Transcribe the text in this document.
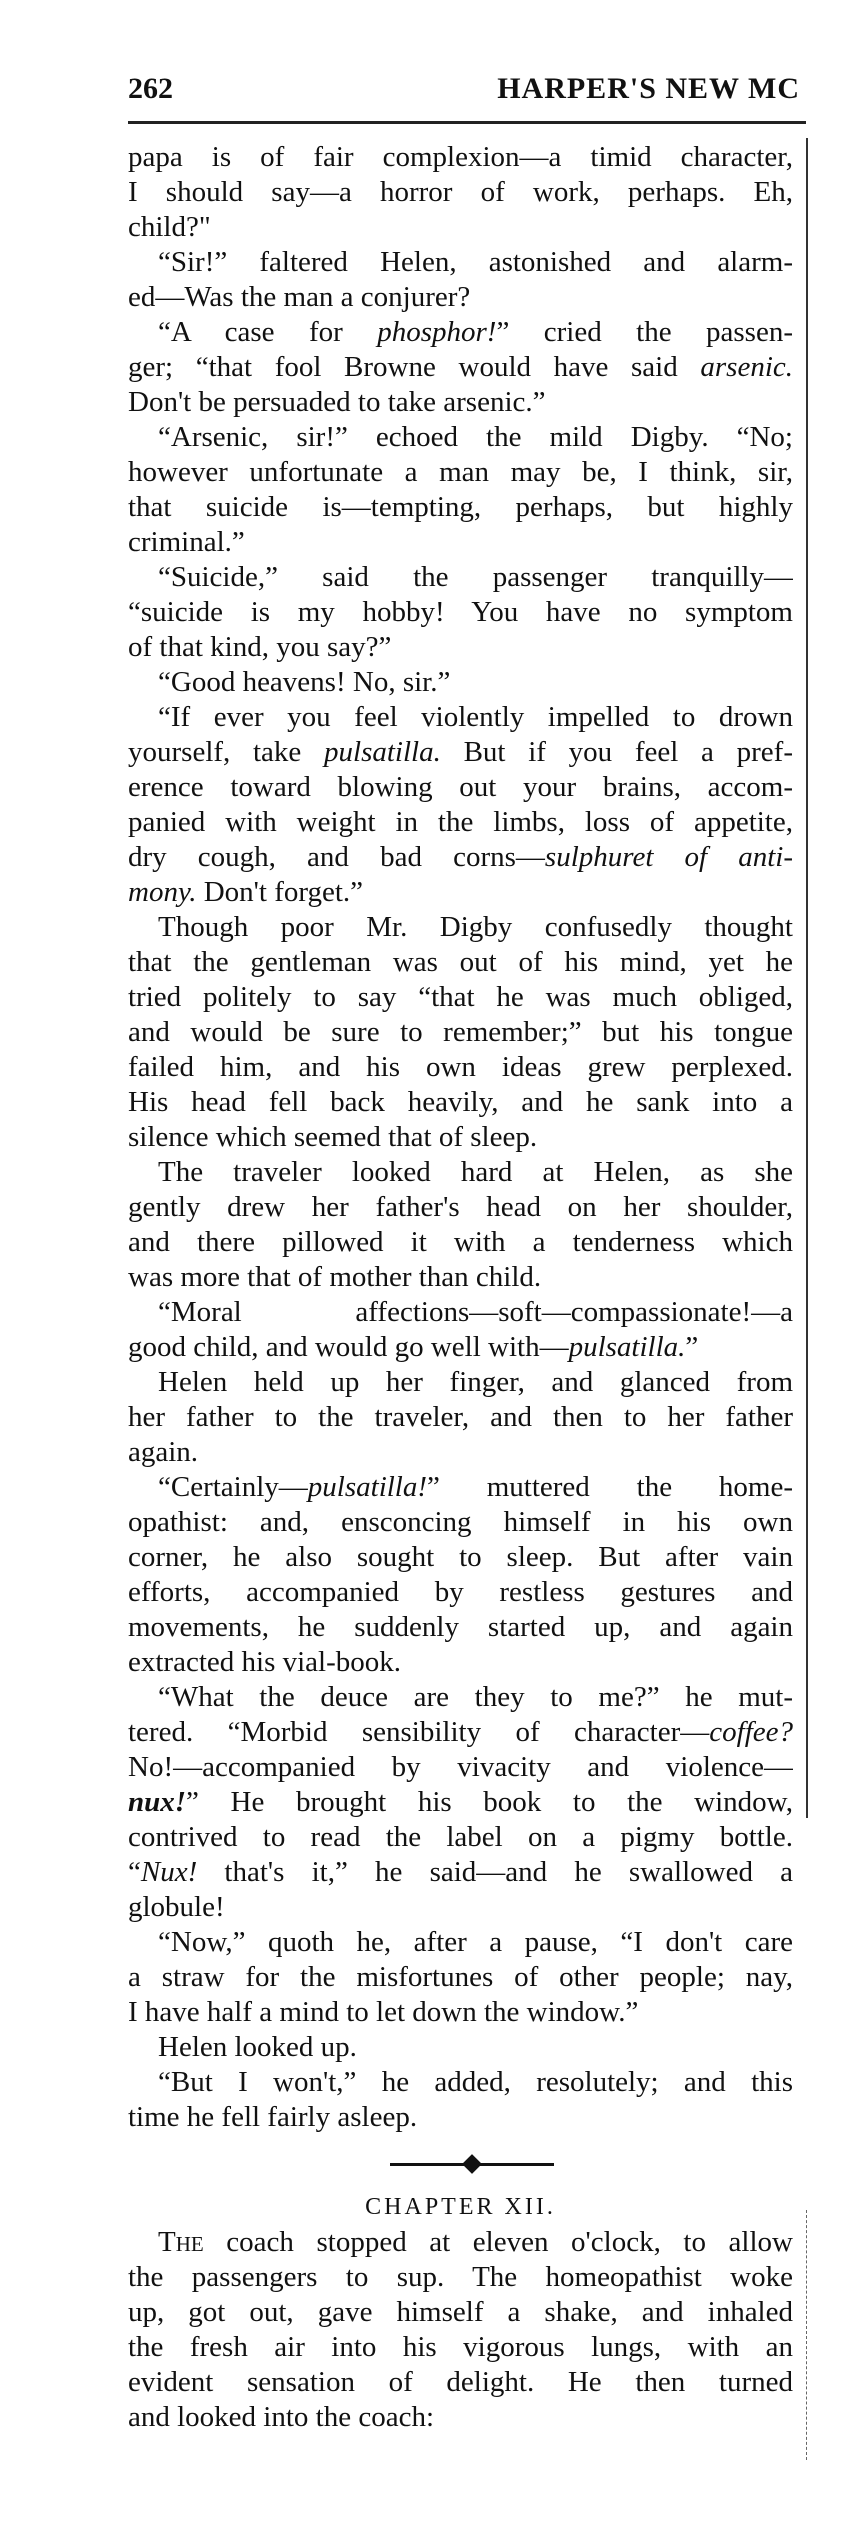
262	HARPER'S NEW MC
papa is of fair complexion—a timid character,
I should say—a horror of work, perhaps. Eh,
child?"
“Sir!” faltered Helen, astonished and alarm-
ed—Was the man a conjurer?
“A case for phosphor!” cried the passen-
ger; “that fool Browne would have said arsenic.
Don't be persuaded to take arsenic.”
“Arsenic, sir!” echoed the mild Digby. “No;
however unfortunate a man may be, I think, sir,
that suicide is—tempting, perhaps, but highly
criminal.”
“Suicide,” said the passenger tranquilly—
“suicide is my hobby! You have no symptom
of that kind, you say?”
“Good heavens! No, sir.”
“If ever you feel violently impelled to drown
yourself, take pulsatilla. But if you feel a pref-
erence toward blowing out your brains, accom-
panied with weight in the limbs, loss of appetite,
dry cough, and bad corns—sulphuret of anti-
mony. Don't forget.”
Though poor Mr. Digby confusedly thought
that the gentleman was out of his mind, yet he
tried politely to say “that he was much obliged,
and would be sure to remember;” but his tongue
failed him, and his own ideas grew perplexed.
His head fell back heavily, and he sank into a
silence which seemed that of sleep.
The traveler looked hard at Helen, as she
gently drew her father's head on her shoulder,
and there pillowed it with a tenderness which
was more that of mother than child.
“Moral affections—soft—compassionate!—a
good child, and would go well with—pulsatilla.”
Helen held up her finger, and glanced from
her father to the traveler, and then to her father
again.
“Certainly—pulsatilla!” muttered the home-
opathist: and, ensconcing himself in his own
corner, he also sought to sleep. But after vain
efforts, accompanied by restless gestures and
movements, he suddenly started up, and again
extracted his vial-book.
“What the deuce are they to me?” he mut-
tered. “Morbid sensibility of character—coffee?
No!—accompanied by vivacity and violence—
nux!” He brought his book to the window,
contrived to read the label on a pigmy bottle.
“Nux! that's it,” he said—and he swallowed a
globule!
“Now,” quoth he, after a pause, “I don't care
a straw for the misfortunes of other people; nay,
I have half a mind to let down the window.”
Helen looked up.
“But I won't,” he added, resolutely; and this
time he fell fairly asleep.
CHAPTER XII.
THE coach stopped at eleven o'clock, to allow
the passengers to sup. The homeopathist woke
up, got out, gave himself a shake, and inhaled
the fresh air into his vigorous lungs, with an
evident sensation of delight. He then turned
and looked into the coach:
